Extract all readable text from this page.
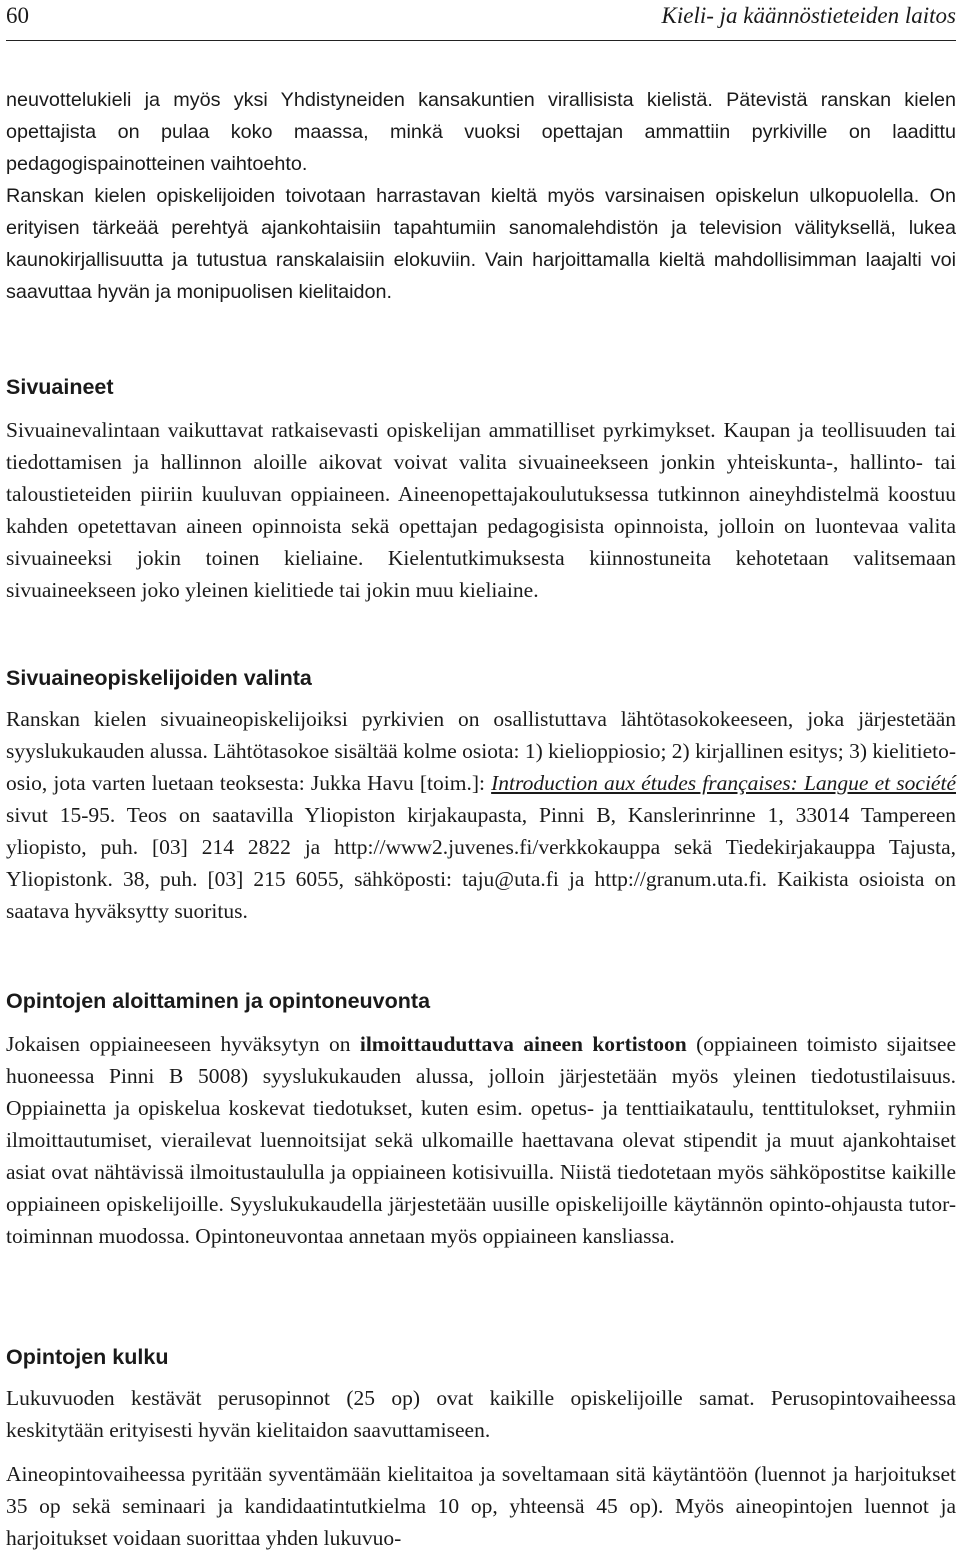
60	Kieli- ja käännöstieteiden laitos

neuvottelukieli ja myös yksi Yhdistyneiden kansakuntien virallisista kielistä. Pätevistä ranskan kielen opettajista on pulaa koko maassa, minkä vuoksi opettajan ammattiin pyrkiville on laadittu pedagogispainotteinen vaihtoehto.

Ranskan kielen opiskelijoiden toivotaan harrastavan kieltä myös varsinaisen opiskelun ulkopuolella. On erityisen tärkeää perehtyä ajankohtaisiin tapahtumiin sanomalehdistön ja television välityksellä, lukea kaunokirjallisuutta ja tutustua ranskalaisiin elokuviin. Vain harjoittamalla kieltä mahdollisimman laajalti voi saavuttaa hyvän ja monipuolisen kielitaidon.

Sivuaineet

Sivuainevalintaan vaikuttavat ratkaisevasti opiskelijan ammatilliset pyrkimykset. Kaupan ja teollisuuden tai tiedottamisen ja hallinnon aloille aikovat voivat valita sivuaineekseen jonkin yhteiskunta-, hallinto- tai taloustieteiden piiriin kuuluvan oppiaineen. Aineenopettajakoulutuksessa tutkinnon aineyhdistelmä koostuu kahden opetettavan aineen opinnoista sekä opettajan pedagogisista opinnoista, jolloin on luontevaa valita sivuaineeksi jokin toinen kieliaine. Kielentutkimuksesta kiinnostuneita kehotetaan valitsemaan sivuaineekseen joko yleinen kielitiede tai jokin muu kieliaine.

Sivuaineopiskelijoiden valinta

Ranskan kielen sivuaineopiskelijoiksi pyrkivien on osallistuttava lähtötasokokeeseen, joka järjestetään syyslukukauden alussa. Lähtötasokoe sisältää kolme osiota: 1) kielioppiosio; 2) kirjallinen esitys; 3) kielitieto-osio, jota varten luetaan teoksesta: Jukka Havu [toim.]: Introduction aux études françaises: Langue et société sivut 15-95. Teos on saatavilla Yliopiston kirjakaupasta, Pinni B, Kanslerinrinne 1, 33014 Tampereen yliopisto, puh. [03] 214 2822 ja http://www2.juvenes.fi/verkkokauppa sekä Tiedekirjakauppa Tajusta, Yliopistonk. 38, puh. [03] 215 6055, sähköposti: taju@uta.fi ja http://granum.uta.fi. Kaikista osioista on saatava hyväksytty suoritus.

Opintojen aloittaminen ja opintoneuvonta

Jokaisen oppiaineeseen hyväksytyn on ilmoittauduttava aineen kortistoon (oppiaineen toimisto sijaitsee huoneessa Pinni B 5008) syyslukukauden alussa, jolloin järjestetään myös yleinen tiedotustilaisuus. Oppiainetta ja opiskelua koskevat tiedotukset, kuten esim. opetus- ja tenttiaikataulu, tenttitulokset, ryhmiin ilmoittautumiset, vierailevat luennoitsijat sekä ulkomaille haettavana olevat stipendit ja muut ajankohtaiset asiat ovat nähtävissä ilmoitustaululla ja oppiaineen kotisivuilla. Niistä tiedotetaan myös sähköpostitse kaikille oppiaineen opiskelijoille. Syyslukukaudella järjestetään uusille opiskelijoille käytännön opinto-ohjausta tutor-toiminnan muodossa. Opintoneuvontaa annetaan myös oppiaineen kansliassa.

Opintojen kulku

Lukuvuoden kestävät perusopinnot (25 op) ovat kaikille opiskelijoille samat. Perusopintovaiheessa keskitytään erityisesti hyvän kielitaidon saavuttamiseen.

Aineopintovaiheessa pyritään syventämään kielitaitoa ja soveltamaan sitä käytäntöön (luennot ja harjoitukset 35 op sekä seminaari ja kandidaatintutkielma 10 op, yhteensä 45 op). Myös aineopintojen luennot ja harjoitukset voidaan suorittaa yhden lukuvuo-
